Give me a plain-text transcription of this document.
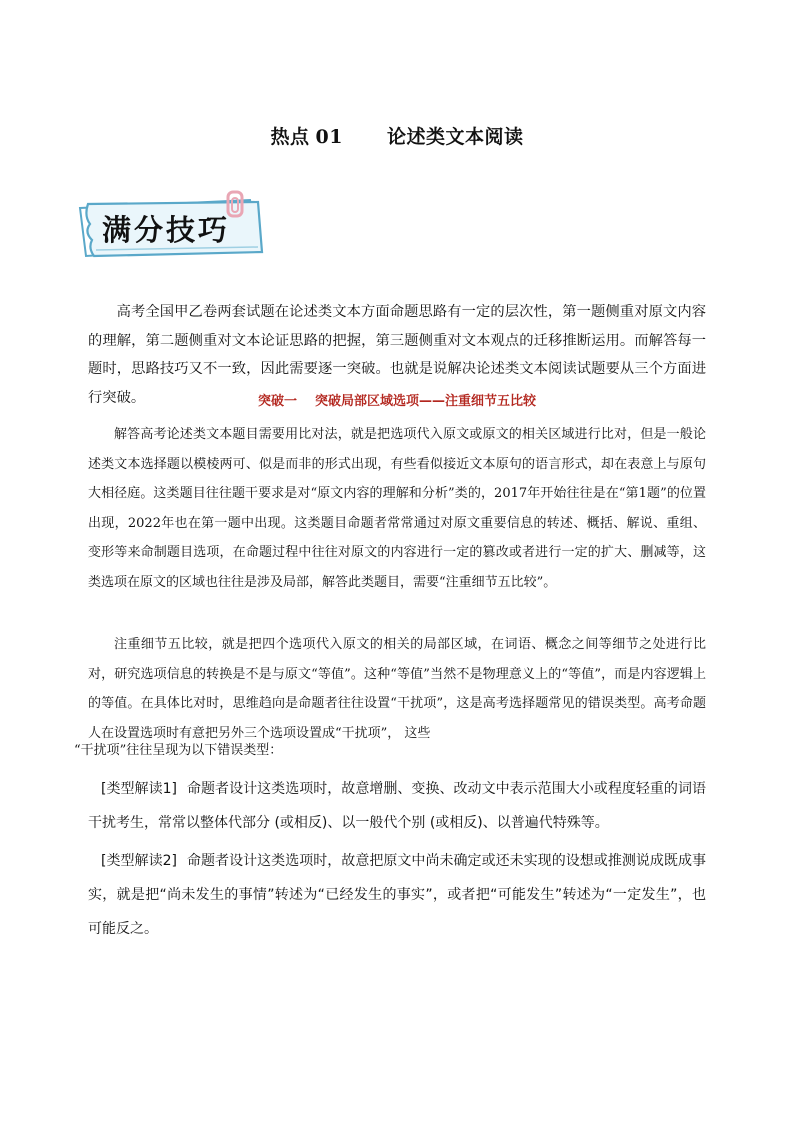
热点 01 论述类文本阅读
满分技巧

高考全国甲乙卷两套试题在论述类文本方面命题思路有一定的层次性，第一题侧重对原文内容的理解，第二题侧重对文本论证思路的把握，第三题侧重对文本观点的迁移推断运用。而解答每一题时，思路技巧又不一致，因此需要逐一突破。也就是说解决论述类文本阅读试题要从三个方面进行突破。	突破一 突破局部区域选项——注重细节五比较

解答高考论述类文本题目需要用比对法，就是把选项代入原文或原文的相关区域进行比对，但是一般论述类文本选择题以模棱两可、似是而非的形式出现，有些看似接近文本原句的语言形式，却在表意上与原句大相径庭。这类题目往往题干要求是对“原文内容的理解和分析”类的，2017年开始往往是在“第1题”的位置出现，2022年也在第一题中出现。这类题目命题者常常通过对原文重要信息的转述、概括、解说、重组、变形等来命制题目选项，在命题过程中往往对原文的内容进行一定的篡改或者进行一定的扩大、删减等，这类选项在原文的区域也往往是涉及局部，解答此类题目，需要“注重细节五比较”。

注重细节五比较，就是把四个选项代入原文的相关的局部区域，在词语、概念之间等细节之处进行比对，研究选项信息的转换是不是与原文“等值”。这种“等值”当然不是物理意义上的“等值”，而是内容逻辑上的等值。在具体比对时，思维趋向是命题者往往设置“干扰项”，这是高考选择题常见的错误类型。高考命题人在设置选项时有意把另外三个选项设置成“干扰项”， 这些

“干扰项”往往呈现为以下错误类型：
[类型解读1] 命题者设计这类选项时，故意增删、变换、改动文中表示范围大小或程度轻重的词语干扰考生，常常以整体代部分 (或相反)、以一般代个别 (或相反)、以普遍代特殊等。
[类型解读2] 命题者设计这类选项时，故意把原文中尚未确定或还未实现的设想或推测说成既成事实，就是把“尚未发生的事情”转述为“已经发生的事实”，或者把“可能发生”转述为“一定发生”，也可能反之。
